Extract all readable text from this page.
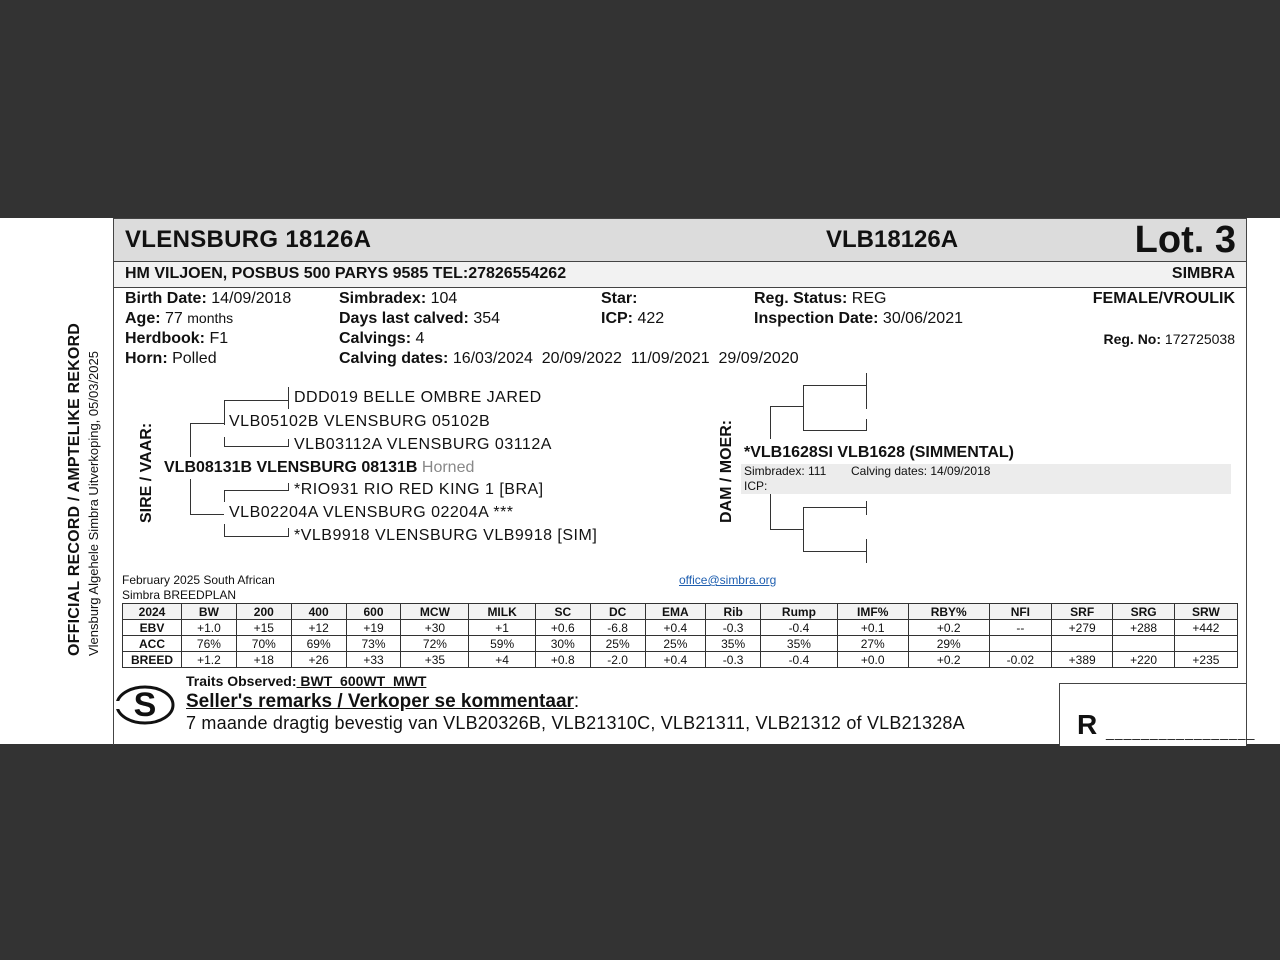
OFFICIAL RECORD / AMPTELIKE REKORD Vlensburg Algehele Simbra Uitverkoping, 05/03/2025
VLENSBURG 18126A	VLB18126A	Lot. 3
HM VILJOEN, POSBUS 500 PARYS 9585 TEL:27826554262	SIMBRA
Birth Date: 14/09/2018
Age: 77 months
Herdbook: F1
Horn: Polled
Simbradex: 104
Days last calved: 354
Calvings: 4
Calving dates: 16/03/2024  20/09/2022  11/09/2021  29/09/2020
Star:
ICP: 422
Reg. Status: REG
Inspection Date: 30/06/2021
FEMALE/VROULIK
Reg. No: 172725038
SIRE / VAAR:
DDD019 BELLE OMBRE JARED
VLB05102B VLENSBURG 05102B
VLB03112A VLENSBURG 03112A
VLB08131B VLENSBURG 08131B Horned
*RIO931 RIO RED KING 1 [BRA]
VLB02204A VLENSBURG 02204A ***
*VLB9918 VLENSBURG VLB9918 [SIM]
DAM / MOER: *VLB1628SI VLB1628 (SIMMENTAL)
Simbradex: 111 Calving dates: 14/09/2018
ICP:
February 2025 South African
Simbra BREEDPLAN
office@simbra.org
2024	BW	200	400	600	MCW	MILK	SC	DC	EMA	Rib	Rump	IMF%	RBY%	NFI	SRF	SRG	SRW
EBV	+1.0	+15	+12	+19	+30	+1	+0.6	-6.8	+0.4	-0.3	-0.4	+0.1	+0.2	--	+279	+288	+442
ACC	76%	70%	69%	73%	72%	59%	30%	25%	25%	35%	35%	27%	29%				
BREED	+1.2	+18	+26	+33	+35	+4	+0.8	-2.0	+0.4	-0.3	-0.4	+0.0	+0.2	-0.02	+389	+220	+235
S
Traits Observed: BWT  600WT  MWT
Seller's remarks / Verkoper se kommentaar:
7 maande dragtig bevestig van VLB20326B, VLB21310C, VLB21311, VLB21312 of VLB21328A	R _________________
